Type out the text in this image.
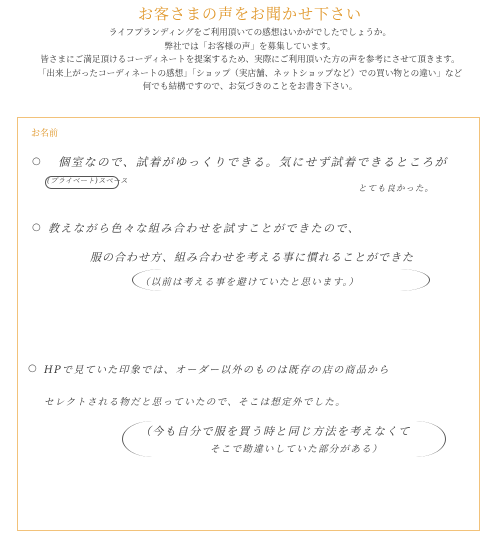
お客さまの声をお聞かせ下さい
ライフプランディングをご利用頂いての感想はいかがでしたでしょうか。
弊社では「お客様の声」を募集しています。
皆さまにご満足頂けるコーディネートを提案するため、実際にご利用頂いた方の声を参考にさせて頂きます。
「出来上がったコーディネートの感想」「ショップ（実店舗、ネットショップなど）での買い物との違い」など
何でも結構ですので、お気づきのことをお書き下さい。
お名前
○ 個室なので、試着がゆっくりできる。気にせず試着できるところが
(プライベート)スペース
とても良かった。
○ 教えながら色々な組み合わせを試すことができたので、
服の合わせ方、組み合わせを考える事に慣れることができた
（以前は考える事を避けていたと思います。）
○ HPで見ていた印象では、オーダー以外のものは既存の店の商品から
セレクトされる物だと思っていたので、そこは想定外でした。
（今も自分で服を買う時と同じ方法を考えなくて
そこで勘違いしていた部分がある）
